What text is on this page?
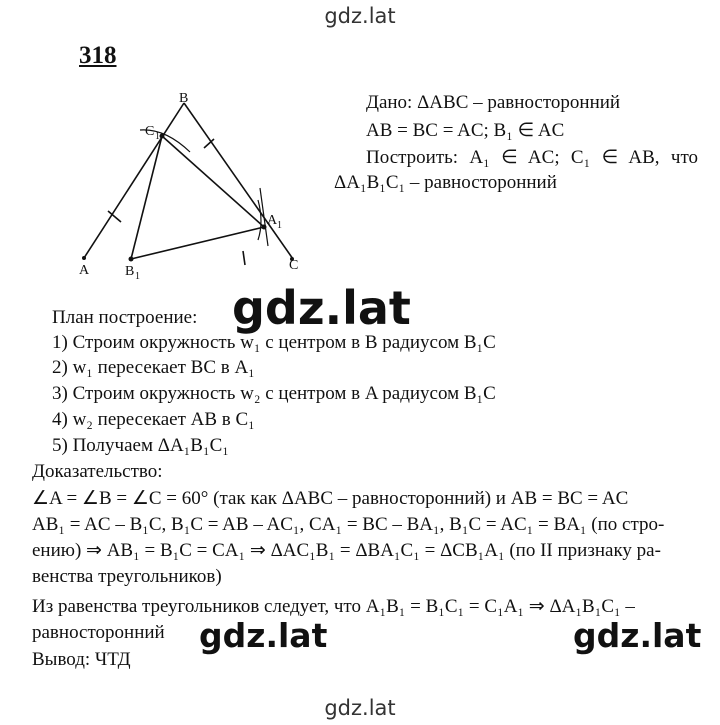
gdz.lat
318
B
C 1
A 1
A	B 1
C
Дано: ΔABC – равносторонний
AB = BC = AC; B₁ ∈ AC
Построить: A₁ ∈ AC; C₁ ∈ AB, что
ΔA₁B₁C₁ – равносторонний
План построение:
1) Строим окружность w₁ с центром в B радиусом B₁C
2) w₁ пересекает BC в A₁
3) Строим окружность w₂ с центром в A радиусом B₁C
4) w₂ пересекает AB в C₁
5) Получаем ΔA₁B₁C₁
Доказательство:
∠A = ∠B = ∠C = 60° (так как ΔABC – равносторонний) и AB = BC = AC
AB₁ = AC – B₁C, B₁C = AB – AC₁, CA₁ = BC – BA₁, B₁C = AC₁ = BA₁ (по стро-
ению) ⇒ AB₁ = B₁C = CA₁ ⇒ ΔAC₁B₁ = ΔBA₁C₁ = ΔCB₁A₁ (по II признаку ра-
венства треугольников)
Из равенства треугольников следует, что A₁B₁ = B₁C₁ = C₁A₁ ⇒ ΔA₁B₁C₁ –
равносторонний
Вывод: ЧТД
gdz.lat
gdz.lat	gdz.lat
gdz.lat
